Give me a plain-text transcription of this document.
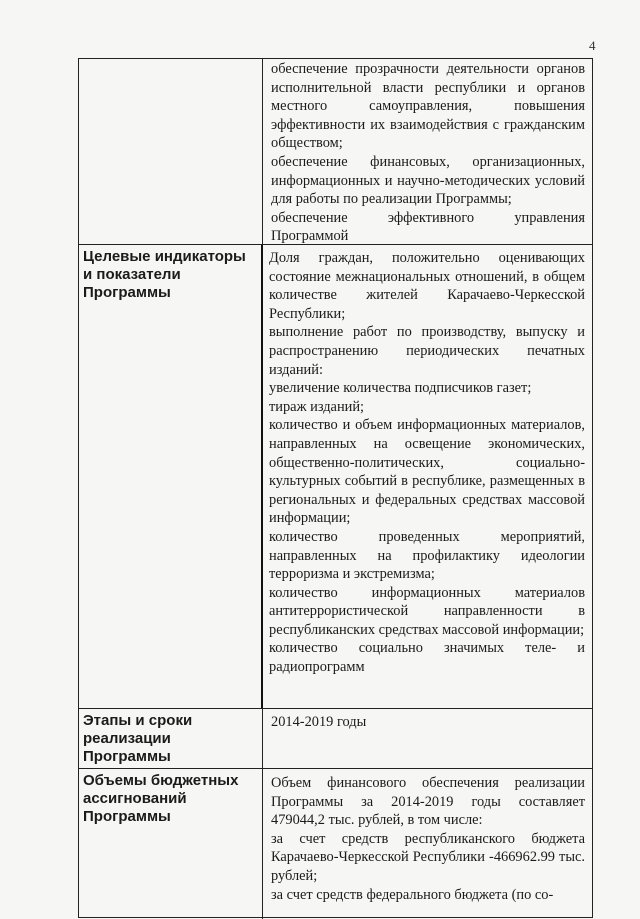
4

обеспечение прозрачности деятельности органов исполнительной власти республики и органов местного самоуправления, повышения эффективности их взаимодействия с гражданским обществом;

обеспечение финансовых, организационных, информационных и научно-методических условий для работы по реализации Программы;

обеспечение эффективного управления Программой

Целевые индикаторы и показатели Программы

Доля граждан, положительно оценивающих состояние межнациональных отношений, в общем количестве жителей Карачаево-Черкесской Республики;

выполнение работ по производству, выпуску и распространению периодических печатных изданий:

увеличение количества подписчиков газет;

тираж изданий;

количество и объем информационных материалов, направленных на освещение экономических, общественно-политических, социально-культурных событий в республике, размещенных в региональных и федеральных средствах массовой информации;

количество проведенных мероприятий, направленных на профилактику идеологии терроризма и экстремизма;

количество информационных материалов антитеррористической направленности в республиканских средствах массовой информации;

количество социально значимых теле- и радиопрограмм

Этапы и сроки реализации Программы

2014-2019 годы

Объемы бюджетных ассигнований Программы

Объем финансового обеспечения реализации Программы за 2014-2019 годы составляет 479044,2 тыс. рублей, в том числе:

за счет средств республиканского бюджета Карачаево-Черкесской Республики -466962.99 тыс. рублей;

за счет средств федерального бюджета (по со-
